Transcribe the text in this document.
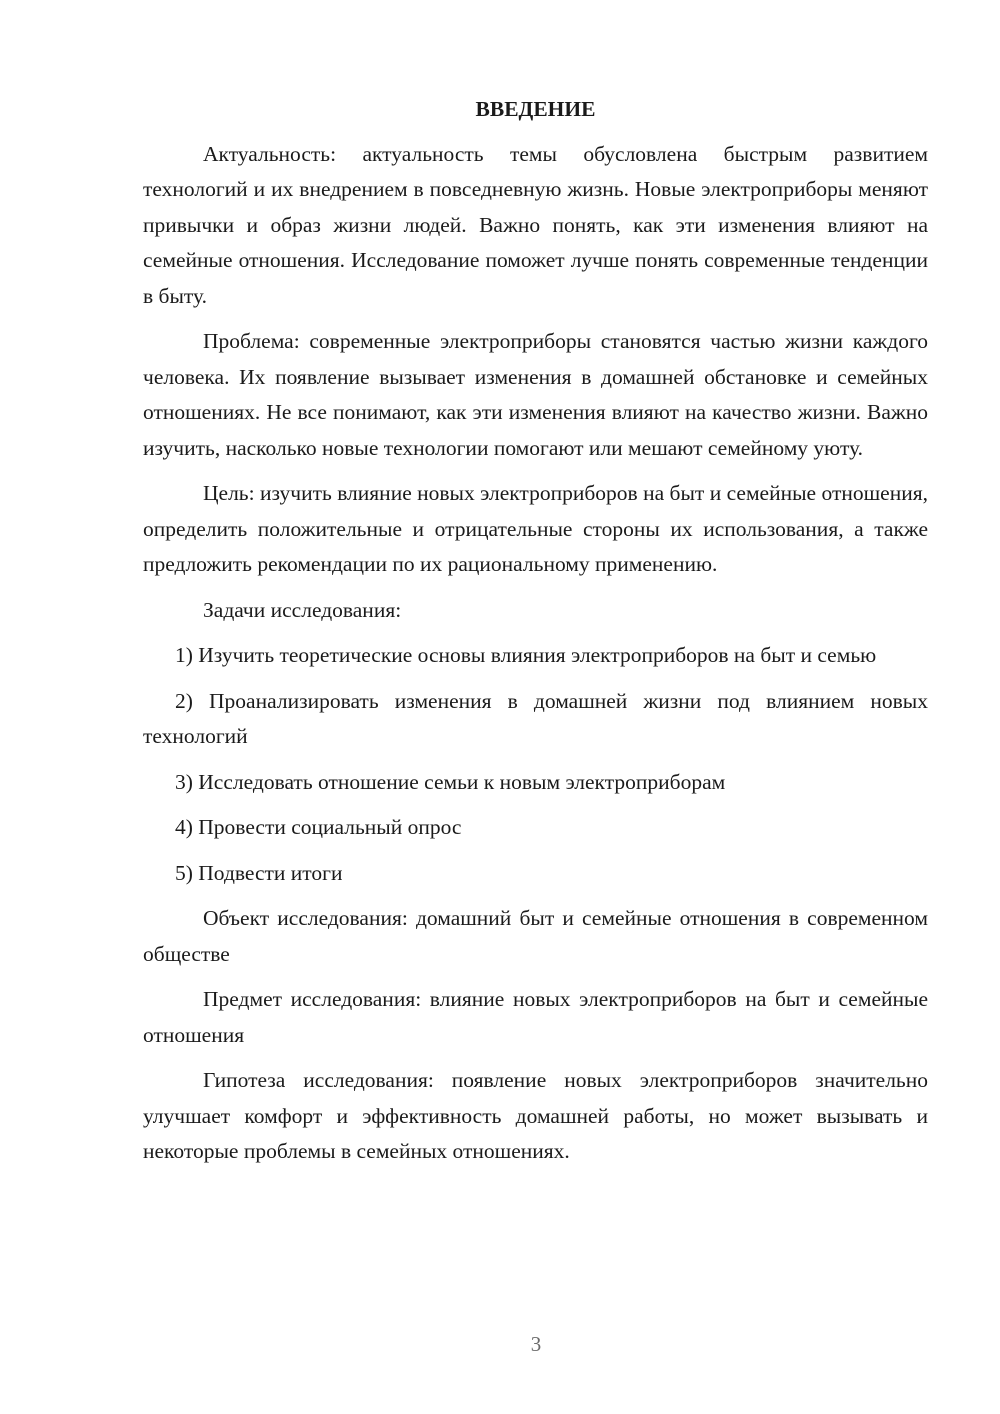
ВВЕДЕНИЕ

Актуальность: актуальность темы обусловлена быстрым развитием технологий и их внедрением в повседневную жизнь. Новые электроприборы меняют привычки и образ жизни людей. Важно понять, как эти изменения влияют на семейные отношения. Исследование поможет лучше понять современные тенденции в быту.

Проблема: современные электроприборы становятся частью жизни каждого человека. Их появление вызывает изменения в домашней обстановке и семейных отношениях. Не все понимают, как эти изменения влияют на качество жизни. Важно изучить, насколько новые технологии помогают или мешают семейному уюту.

Цель: изучить влияние новых электроприборов на быт и семейные отношения, определить положительные и отрицательные стороны их использования, а также предложить рекомендации по их рациональному применению.

Задачи исследования:

1) Изучить теоретические основы влияния электроприборов на быт и семью

2) Проанализировать изменения в домашней жизни под влиянием новых технологий

3) Исследовать отношение семьи к новым электроприборам

4) Провести социальный опрос

5) Подвести итоги

Объект исследования: домашний быт и семейные отношения в современном обществе

Предмет исследования: влияние новых электроприборов на быт и семейные отношения

Гипотеза исследования: появление новых электроприборов значительно улучшает комфорт и эффективность домашней работы, но может вызывать и некоторые проблемы в семейных отношениях.

3
